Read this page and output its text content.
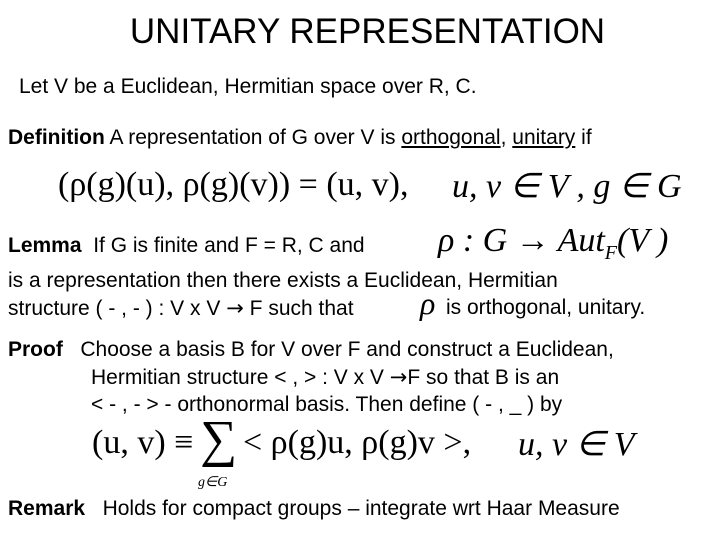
UNITARY REPRESENTATION
Let V be a Euclidean, Hermitian space over R, C.
Definition A representation of G over V is orthogonal, unitary if
(ρ(g)(u), ρ(g)(v)) = (u, v), u, v ∈ V , g ∈ G
Lemma If G is finite and F = R, C and ρ : G → Aut$_F$(V )
is a representation then there exists a Euclidean, Hermitian
structure ( - , - ) : V x V → F such that ρ is orthogonal, unitary.
Proof Choose a basis B for V over F and construct a Euclidean,
Hermitian structure < , > : V x V →F so that B is an
< - , - > - orthonormal basis. Then define ( - , _ ) by
(u, v) ≡ ∑
g∈G
< ρ(g)u, ρ(g)v >, u, v ∈ V
Remark Holds for compact groups – integrate wrt Haar Measure
